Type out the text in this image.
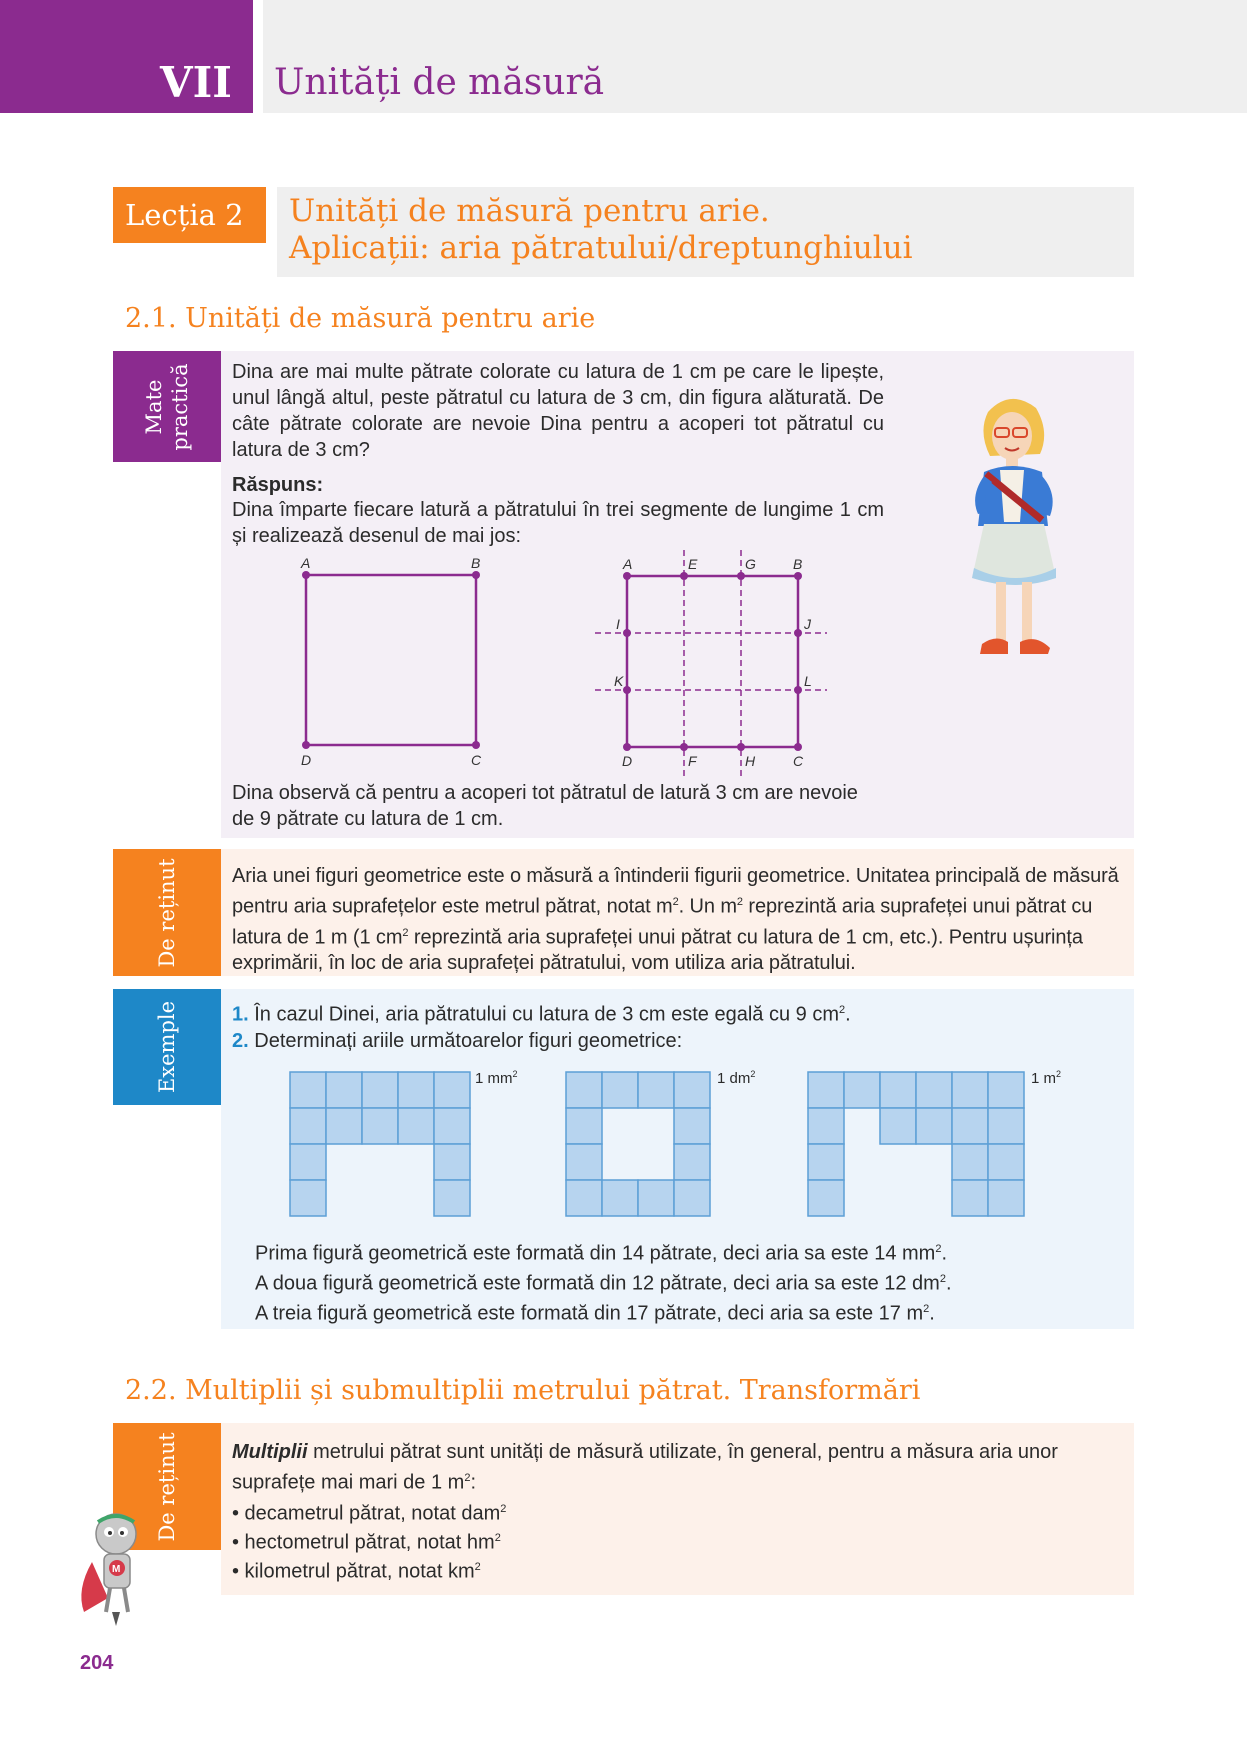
VII	Unități de măsură
Lecția 2	Unități de măsură pentru arie.
Aplicații: aria pătratului/dreptunghiului
2.1. Unități de măsură pentru arie
Mate practică Dina are mai multe pătrate colorate cu latura de 1 cm pe care le lipește, unul lângă altul, peste pătratul cu latura de 3 cm, din figura alăturată. De câte pătrate colorate are nevoie Dina pentru a acoperi tot pătratul cu latura de 3 cm?
Răspuns:
Dina împarte fiecare latură a pătratului în trei segmente de lungime 1 cm și realizează desenul de mai jos:
A	B
C
D
A	E	G	B
I	J
K	L
D	F	H	C
Dina observă că pentru a acoperi tot pătratul de latură 3 cm are nevoie de 9 pătrate cu latura de 1 cm.
De reținut	Aria unei figuri geometrice este o măsură a întinderii figurii geometrice. Unitatea principală de măsură pentru aria suprafețelor este metrul pătrat, notat $m^2$. Un $m^2$ reprezintă aria suprafeței unui pătrat cu latura de 1 m (1 $cm^2$ reprezintă aria suprafeței unui pătrat cu latura de 1 cm, etc.). Pentru ușurința exprimării, în loc de aria suprafeței pătratului, vom utiliza aria pătratului.
Exemple	1. În cazul Dinei, aria pătratului cu latura de 3 cm este egală cu 9 $cm^2$.
2. Determinați ariile următoarelor figuri geometrice:
1 $mm^2$	1 $dm^2$	1 $m^2$
Prima figură geometrică este formată din 14 pătrate, deci aria sa este 14 $mm^2$.
A doua figură geometrică este formată din 12 pătrate, deci aria sa este 12 $dm^2$.
A treia figură geometrică este formată din 17 pătrate, deci aria sa este 17 $m^2$.
2.2. Multiplii și submultiplii metrului pătrat. Transformări
De reținut	Multiplii metrului pătrat sunt unități de măsură utilizate, în general, pentru a măsura aria unor suprafețe mai mari de 1 $m^2$:
• decametrul pătrat, notat dam$^2$
• hectometrul pătrat, notat $hm^2$
• kilometrul pătrat, notat $km^2$
M
204
